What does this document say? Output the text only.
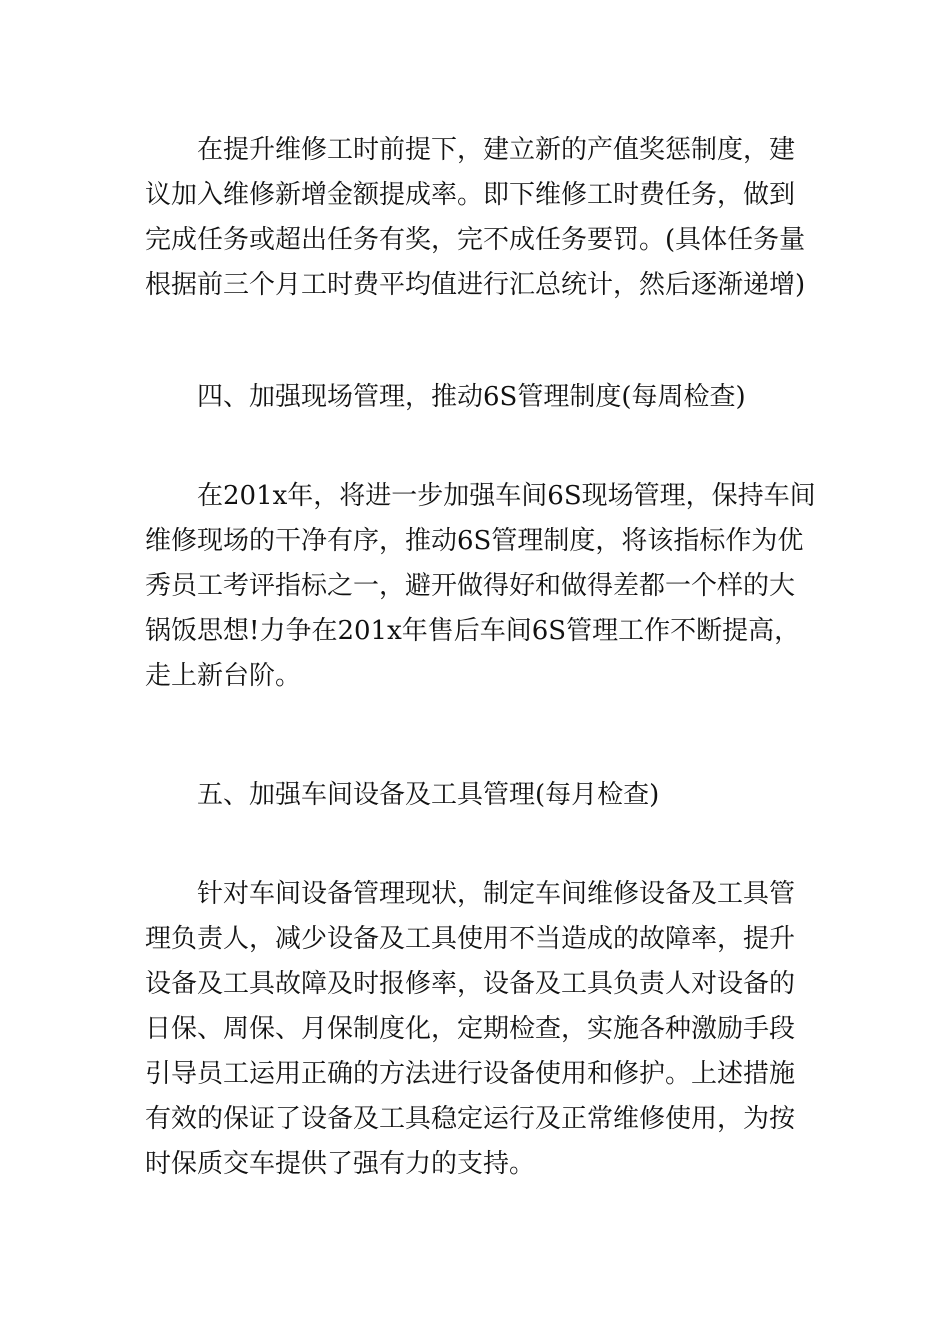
在提升维修工时前提下，建立新的产值奖惩制度，建
议加入维修新增金额提成率。即下维修工时费任务，做到
完成任务或超出任务有奖，完不成任务要罚。(具体任务量
根据前三个月工时费平均值进行汇总统计，然后逐渐递增)

四、加强现场管理，推动6S管理制度(每周检查)

在201x年，将进一步加强车间6S现场管理，保持车间
维修现场的干净有序，推动6S管理制度，将该指标作为优
秀员工考评指标之一，避开做得好和做得差都一个样的大
锅饭思想!力争在201x年售后车间6S管理工作不断提高，
走上新台阶。

五、加强车间设备及工具管理(每月检查)

针对车间设备管理现状，制定车间维修设备及工具管
理负责人，减少设备及工具使用不当造成的故障率，提升
设备及工具故障及时报修率，设备及工具负责人对设备的
日保、周保、月保制度化，定期检查，实施各种激励手段
引导员工运用正确的方法进行设备使用和修护。上述措施
有效的保证了设备及工具稳定运行及正常维修使用，为按
时保质交车提供了强有力的支持。
